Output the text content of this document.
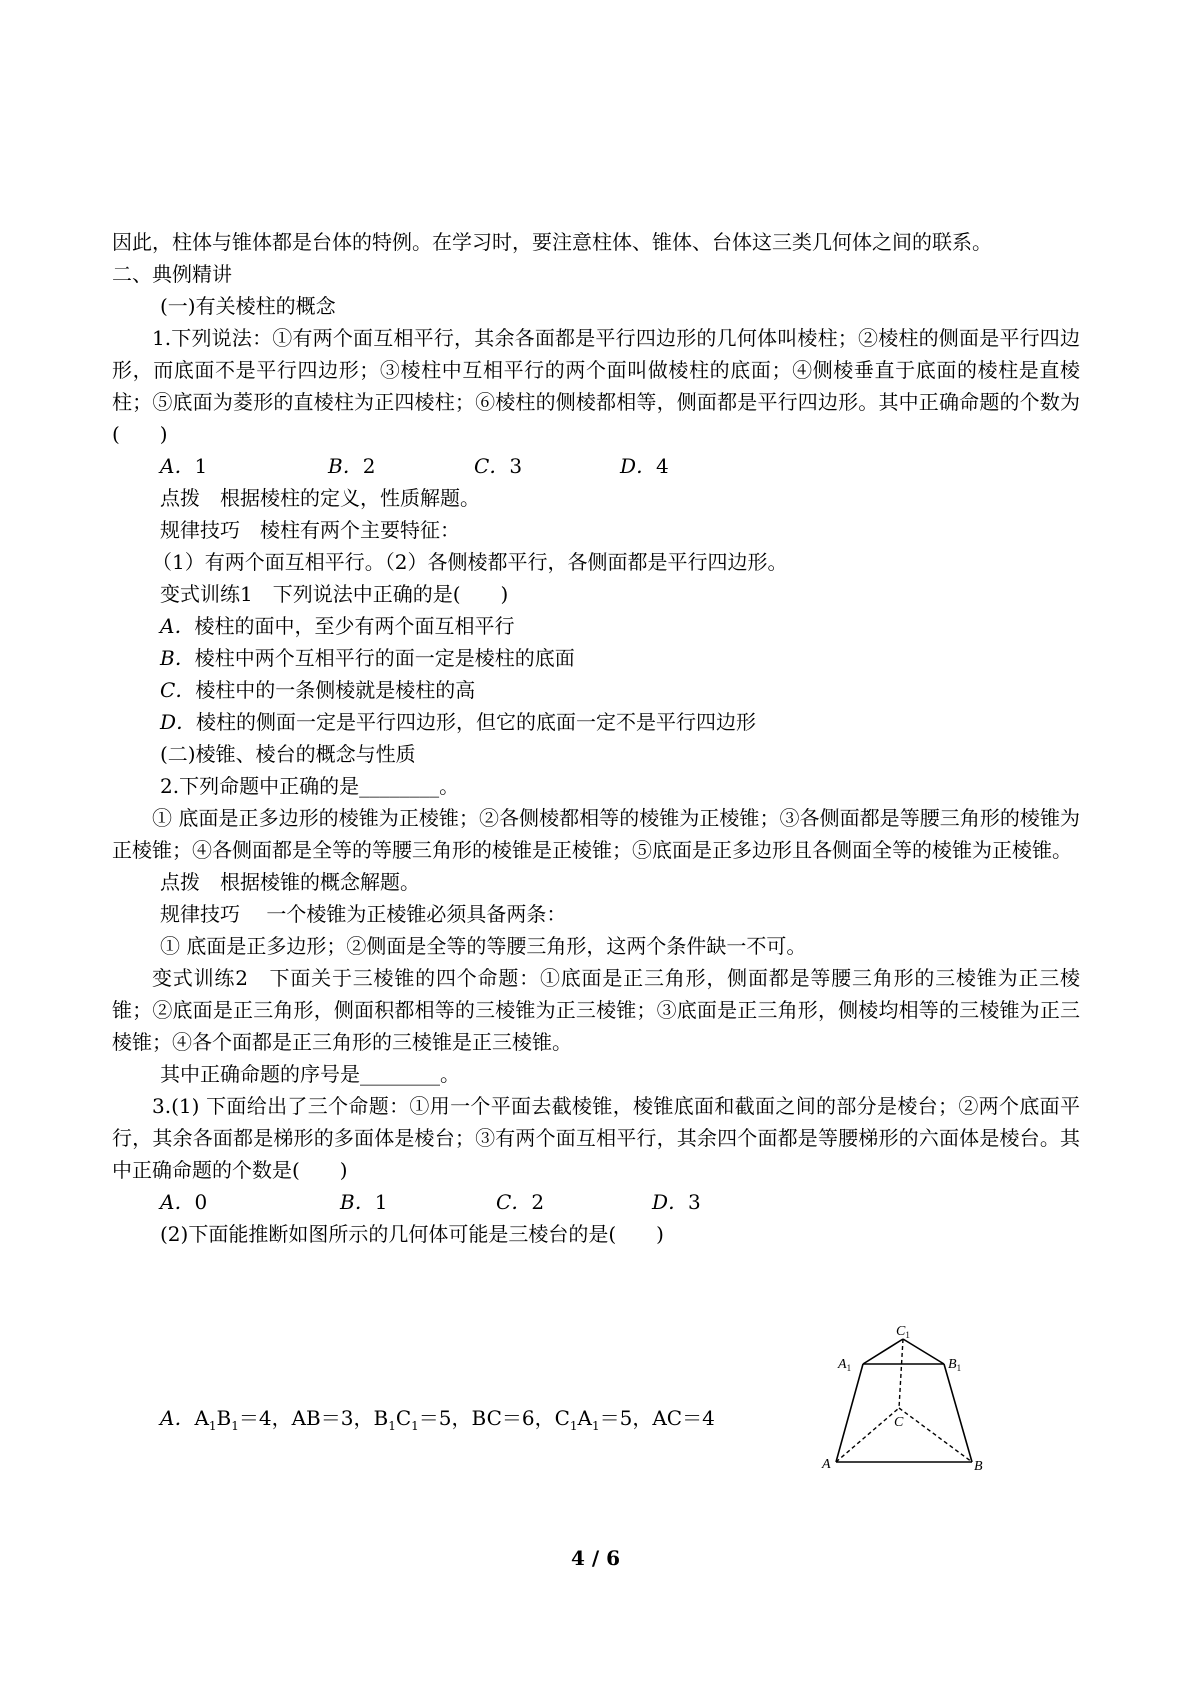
因此，柱体与锥体都是台体的特例。在学习时，要注意柱体、锥体、台体这三类几何体之间的联系。

二、典例精讲

(一)有关棱柱的概念

1.下列说法：①有两个面互相平行，其余各面都是平行四边形的几何体叫棱柱；②棱柱的侧面是平行四边形，而底面不是平行四边形；③棱柱中互相平行的两个面叫做棱柱的底面；④侧棱垂直于底面的棱柱是直棱柱；⑤底面为菱形的直棱柱为正四棱柱；⑥棱柱的侧棱都相等，侧面都是平行四边形。其中正确命题的个数为(　　)

A．1	B．2	C．3	D．4

点拨　根据棱柱的定义，性质解题。

规律技巧　棱柱有两个主要特征：

（1）有两个面互相平行。（2）各侧棱都平行，各侧面都是平行四边形。

变式训练1　下列说法中正确的是(　　)

A．棱柱的面中，至少有两个面互相平行

B．棱柱中两个互相平行的面一定是棱柱的底面

C．棱柱中的一条侧棱就是棱柱的高

D．棱柱的侧面一定是平行四边形，但它的底面一定不是平行四边形

(二)棱锥、棱台的概念与性质

2.下列命题中正确的是________。

① 底面是正多边形的棱锥为正棱锥；②各侧棱都相等的棱锥为正棱锥；③各侧面都是等腰三角形的棱锥为正棱锥；④各侧面都是全等的等腰三角形的棱锥是正棱锥；⑤底面是正多边形且各侧面全等的棱锥为正棱锥。

点拨　根据棱锥的概念解题。

规律技巧　 一个棱锥为正棱锥必须具备两条：

① 底面是正多边形；②侧面是全等的等腰三角形，这两个条件缺一不可。

变式训练2　下面关于三棱锥的四个命题：①底面是正三角形，侧面都是等腰三角形的三棱锥为正三棱锥；②底面是正三角形，侧面积都相等的三棱锥为正三棱锥；③底面是正三角形，侧棱均相等的三棱锥为正三棱锥；④各个面都是正三角形的三棱锥是正三棱锥。

其中正确命题的序号是________。

3.(1) 下面给出了三个命题：①用一个平面去截棱锥，棱锥底面和截面之间的部分是棱台；②两个底面平行，其余各面都是梯形的多面体是棱台；③有两个面互相平行，其余四个面都是等腰梯形的六面体是棱台。其中正确命题的个数是(　　)

A．0	B．1	C．2	D．3

(2)下面能推断如图所示的几何体可能是三棱台的是(　　)

$C_1$
$A_1$	$B_1$
C
A	B

A．$A_1B_1=4$，AB＝3，$B_1C_1=5$，BC＝6，$C_1A_1=5$，AC＝4

4 / 6
